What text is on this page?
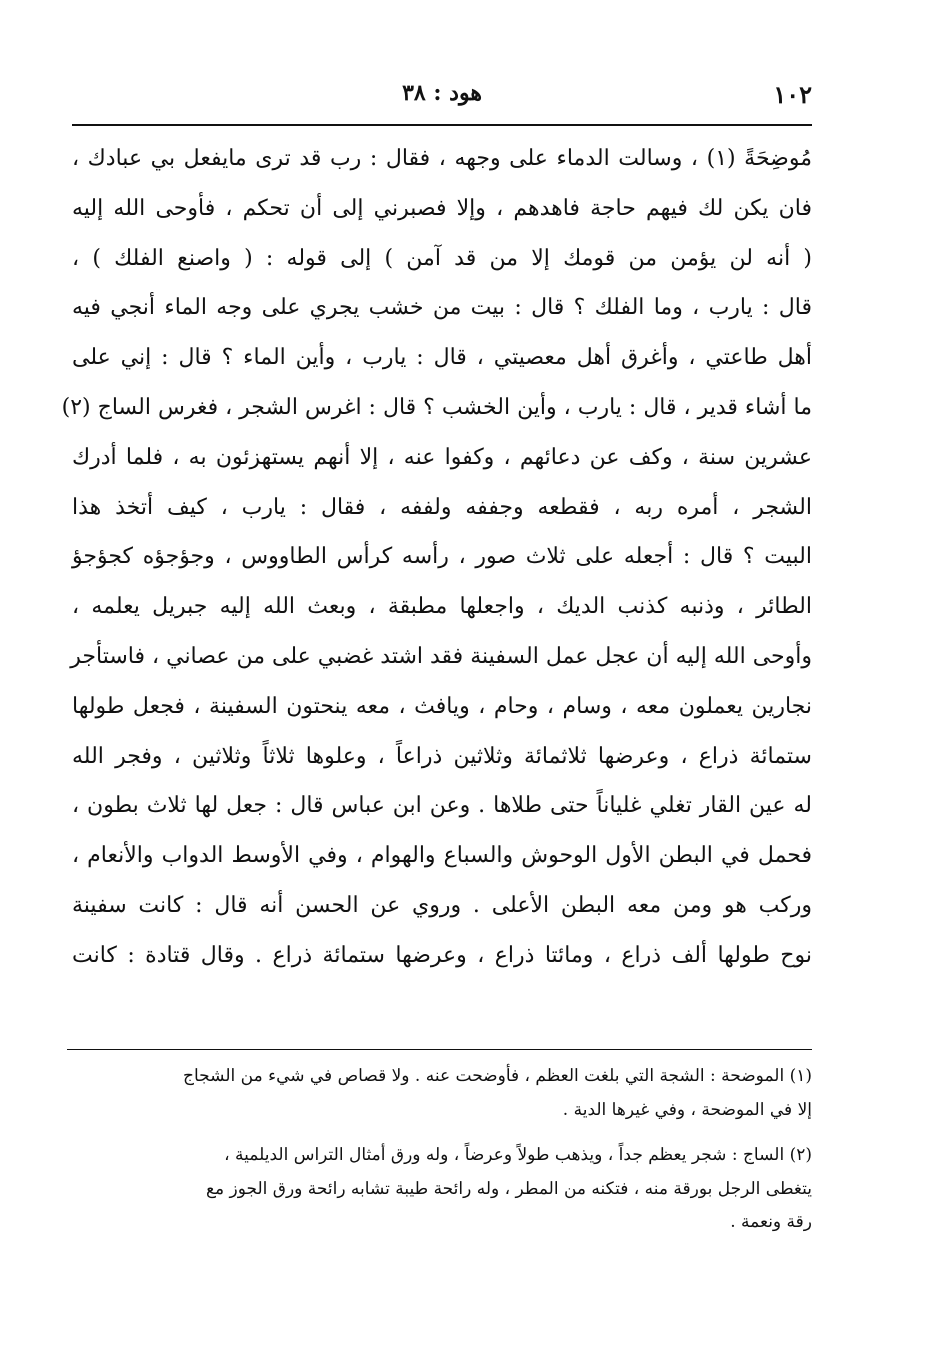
١٠٢
هود : ٣٨
مُوضِحَةً (١) ، وسالت الدماء على وجهه ، فقال : رب قد ترى مايفعل بي عبادك ،
فان يكن لك فيهم حاجة فاهدهم ، وإلا فصبرني إلى أن تحكم ، فأوحى الله إليه
( أنه لن يؤمن من قومك إلا من قد آمن ) إلى قوله : ( واصنع الفلك ) ،
قال : يارب ، وما الفلك ؟ قال : بيت من خشب يجري على وجه الماء أنجي فيه
أهل طاعتي ، وأغرق أهل معصيتي ، قال : يارب ، وأين الماء ؟ قال : إني على
ما أشاء قدير ، قال : يارب ، وأين الخشب ؟ قال : اغرس الشجر ، فغرس الساج (٢)
عشرين سنة ، وكف عن دعائهم ، وكفوا عنه ، إلا أنهم يستهزئون به ، فلما أدرك
الشجر ، أمره ربه ، فقطعه وجففه ولففه ، فقال : يارب ، كيف أتخذ هذا
البيت ؟ قال : أجعله على ثلاث صور ، رأسه كرأس الطاووس ، وجؤجؤه كجؤجؤ
الطائر ، وذنبه كذنب الديك ، واجعلها مطبقة ، وبعث الله إليه جبريل يعلمه ،
وأوحى الله إليه أن عجل عمل السفينة فقد اشتد غضبي على من عصاني ، فاستأجر
نجارين يعملون معه ، وسام ، وحام ، ويافث ، معه ينحتون السفينة ، فجعل طولها
ستمائة ذراع ، وعرضها ثلاثمائة وثلاثين ذراعاً ، وعلوها ثلاثاً وثلاثين ، وفجر الله
له عين القار تغلي غلياناً حتى طلاها . وعن ابن عباس قال : جعل لها ثلاث بطون ،
فحمل في البطن الأول الوحوش والسباع والهوام ، وفي الأوسط الدواب والأنعام ،
وركب هو ومن معه البطن الأعلى . وروي عن الحسن أنه قال : كانت سفينة
نوح طولها ألف ذراع ، ومائتا ذراع ، وعرضها ستمائة ذراع . وقال قتادة : كانت
(١) الموضحة : الشجة التي بلغت العظم ، فأوضحت عنه . ولا قصاص في شيء من الشجاج
إلا في الموضحة ، وفي غيرها الدية .
(٢) الساج : شجر يعظم جداً ، ويذهب طولاً وعرضاً ، وله ورق أمثال التراس الديلمية ،
يتغطى الرجل بورقة منه ، فتكنه من المطر ، وله رائحة طيبة تشابه رائحة ورق الجوز مع
رقة ونعمة .
